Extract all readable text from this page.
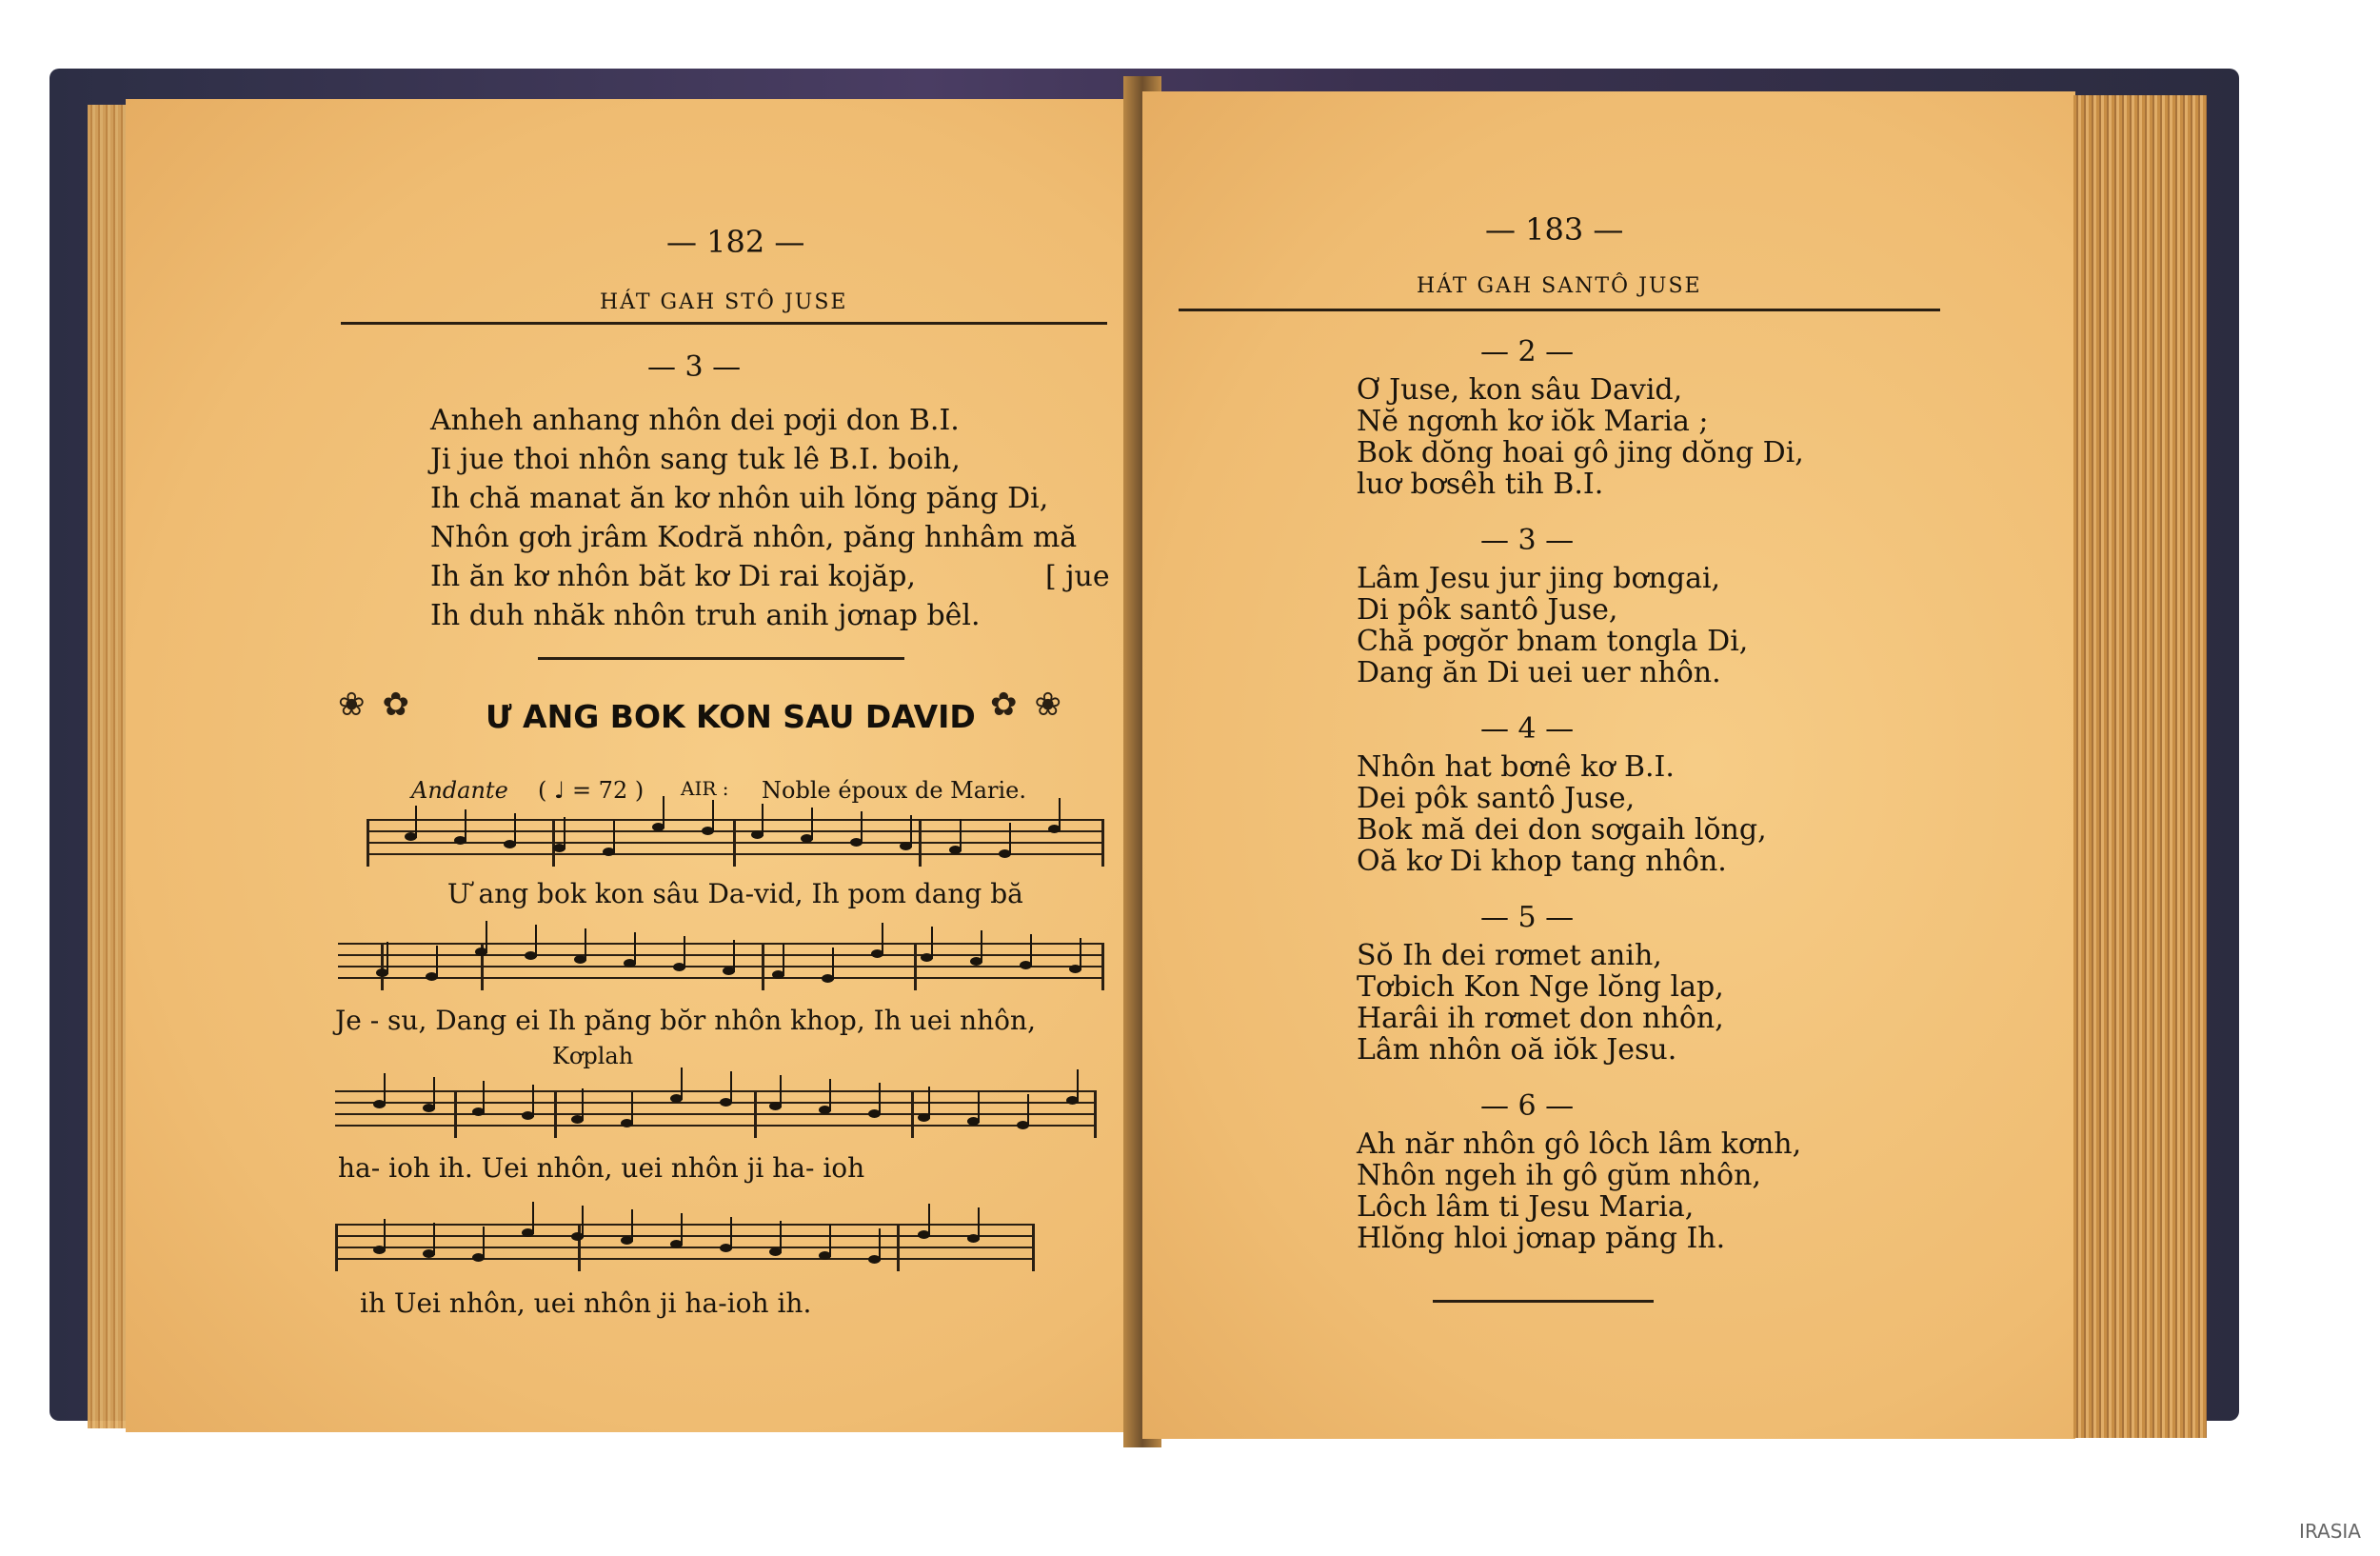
— 182 —
HÁT GAH STÔ JUSE
— 3 —
Anheh anhang nhôn dei pơji don B.I.
Ji jue thoi nhôn sang tuk lê B.I. boih,
Ih chă manat ăn kơ nhôn uih lŏng păng Di,
Nhôn gơh jrâm Kodră nhôn, păng hnhâm mă
Ih ăn kơ nhôn băt kơ Di rai kojăp,	[ jue
Ih duh nhăk nhôn truh anih jơnap bêl.
❀ ✿ Ư ANG BOK KON SAU DAVID ✿ ❀
Andante ( ♩ = 72 ) AIR : Noble époux de Marie.
Ư ang bok kon sâu Da-vid, Ih pom dang bă
Je - su, Dang ei Ih păng bŏr nhôn khop, Ih uei nhôn,
Kơplah
ha- ioh ih. Uei nhôn, uei nhôn ji ha- ioh
ih Uei nhôn, uei nhôn ji ha-ioh ih.
— 183 —
HÁT GAH SANTÔ JUSE
— 2 —
Ơ Juse, kon sâu David,
Nĕ ngơnh kơ iŏk Maria ;
Bok dŏng hoai gô jing dŏng Di,
luơ bơsêh tih B.I.
— 3 —
Lâm Jesu jur jing bơngai,
Di pôk santô Juse,
Chă pơgŏr bnam tongla Di,
Dang ăn Di uei uer nhôn.
— 4 —
Nhôn hat bơnê kơ B.I.
Dei pôk santô Juse,
Bok mă dei don sơgaih lŏng,
Oă kơ Di khop tang nhôn.
— 5 —
Sŏ Ih dei rơmet anih,
Tơbich Kon Nge lŏng lap,
Harâi ih rơmet don nhôn,
Lâm nhôn oă iŏk Jesu.
— 6 —
Ah năr nhôn gô lôch lâm kơnh,
Nhôn ngeh ih gô gŭm nhôn,
Lôch lâm ti Jesu Maria,
Hlŏng hloi jơnap păng Ih.
IRASIA
